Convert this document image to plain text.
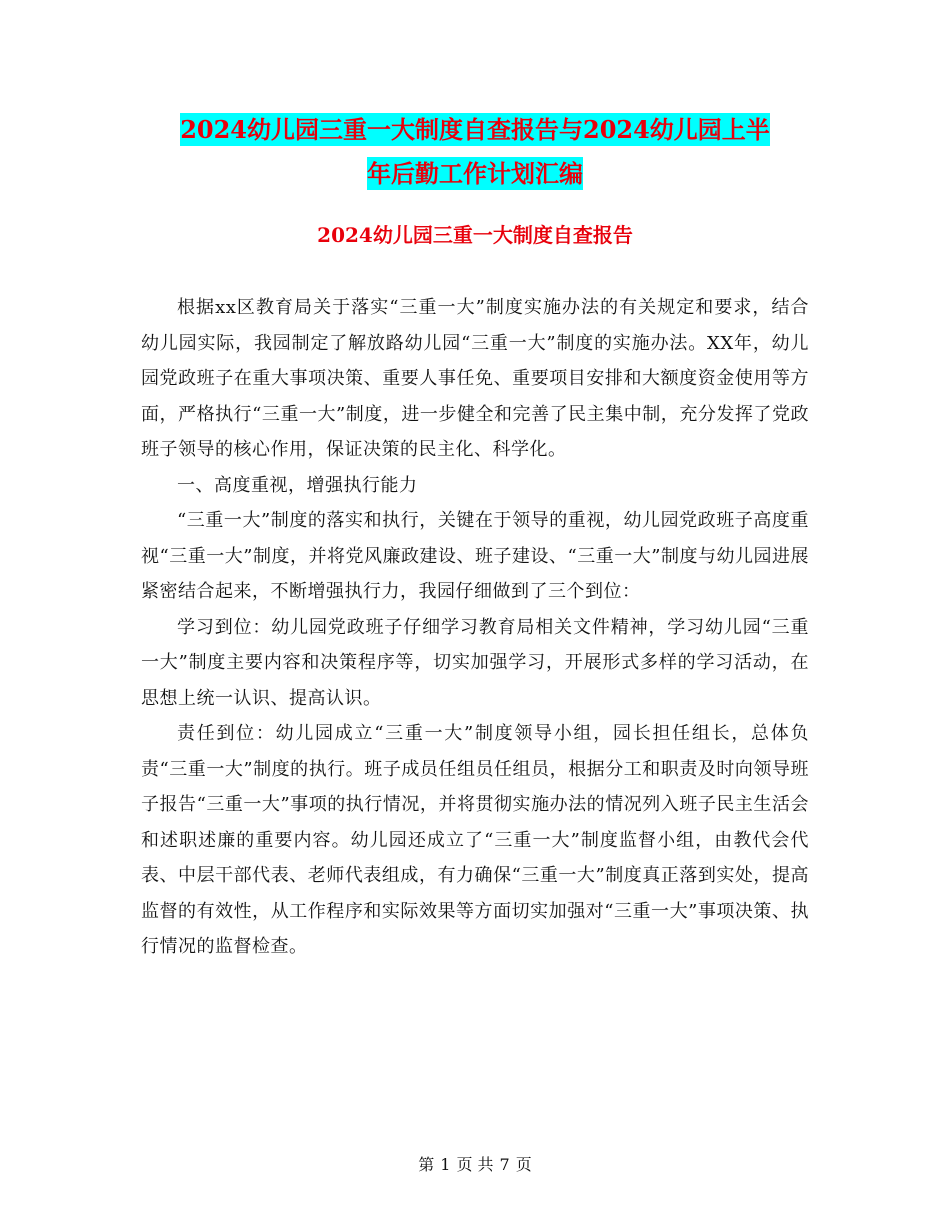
2024幼儿园三重一大制度自查报告与2024幼儿园上半
年后勤工作计划汇编
2024幼儿园三重一大制度自查报告

根据xx区教育局关于落实“三重一大”制度实施办法的有关规定和要求，结合幼儿园实际，我园制定了解放路幼儿园“三重一大”制度的实施办法。XX年，幼儿园党政班子在重大事项决策、重要人事任免、重要项目安排和大额度资金使用等方面，严格执行“三重一大”制度，进一步健全和完善了民主集中制，充分发挥了党政班子领导的核心作用，保证决策的民主化、科学化。

一、高度重视，增强执行能力

“三重一大”制度的落实和执行，关键在于领导的重视，幼儿园党政班子高度重视“三重一大”制度，并将党风廉政建设、班子建设、“三重一大”制度与幼儿园进展紧密结合起来，不断增强执行力，我园仔细做到了三个到位：

学习到位：幼儿园党政班子仔细学习教育局相关文件精神，学习幼儿园“三重一大”制度主要内容和决策程序等，切实加强学习，开展形式多样的学习活动，在思想上统一认识、提高认识。

责任到位：幼儿园成立“三重一大”制度领导小组，园长担任组长，总体负责“三重一大”制度的执行。班子成员任组员任组员，根据分工和职责及时向领导班子报告“三重一大”事项的执行情况，并将贯彻实施办法的情况列入班子民主生活会和述职述廉的重要内容。幼儿园还成立了“三重一大”制度监督小组，由教代会代表、中层干部代表、老师代表组成，有力确保“三重一大”制度真正落到实处，提高监督的有效性，从工作程序和实际效果等方面切实加强对“三重一大”事项决策、执行情况的监督检查。

第 1 页 共 7 页
